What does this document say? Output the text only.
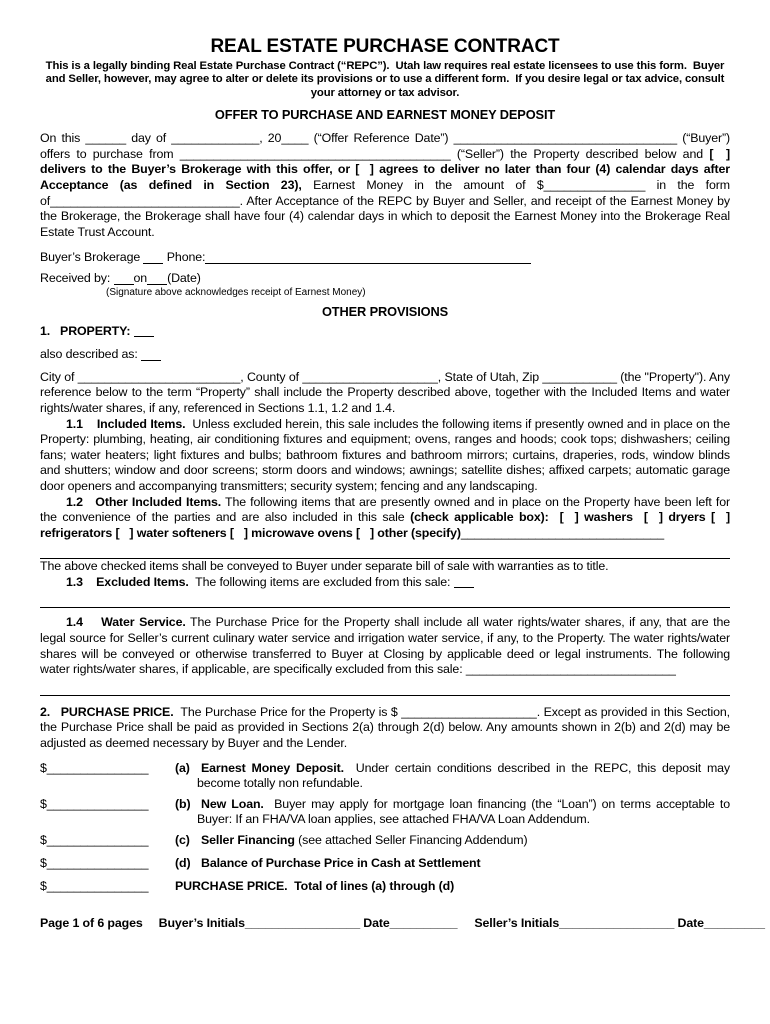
REAL ESTATE PURCHASE CONTRACT
This is a legally binding Real Estate Purchase Contract (“REPC”).  Utah law requires real estate licensees to use this form.  Buyer and Seller, however, may agree to alter or delete its provisions or to use a different form.  If you desire legal or tax advice, consult your attorney or tax advisor.
OFFER TO PURCHASE AND EARNEST MONEY DEPOSIT
On this ______ day of _____________, 20____ (“Offer Reference Date”) _________________________________ (“Buyer”) offers to purchase from ________________________________________ (“Seller”) the Property described below and [  ] delivers to the Buyer’s Brokerage with this offer, or [  ] agrees to deliver no later than four (4) calendar days after Acceptance (as defined in Section 23), Earnest Money in the amount of $_______________ in the form of____________________________. After Acceptance of the REPC by Buyer and Seller, and receipt of the Earnest Money by the Brokerage, the Brokerage shall have four (4) calendar days in which to deposit the Earnest Money into the Brokerage Real Estate Trust Account.
Buyer’s Brokerage Phone:
Received by: on (Date)
(Signature above acknowledges receipt of Earnest Money)
OTHER PROVISIONS
1.   PROPERTY:
also described as:
City of ________________________, County of ____________________, State of Utah, Zip ___________ (the "Property"). Any reference below to the term “Property” shall include the Property described above, together with the Included Items and water rights/water shares, if any, referenced in Sections 1.1, 1.2 and 1.4.
1.1    Included Items.  Unless excluded herein, this sale includes the following items if presently owned and in place on the Property: plumbing, heating, air conditioning fixtures and equipment; ovens, ranges and hoods; cook tops; dishwashers; ceiling fans; water heaters; light fixtures and bulbs; bathroom fixtures and bathroom mirrors; curtains, draperies, rods, window blinds and shutters; window and door screens; storm doors and windows; awnings; satellite dishes; affixed carpets; automatic garage door openers and accompanying transmitters; security system; fencing and any landscaping.
1.2   Other Included Items. The following items that are presently owned and in place on the Property have been left for the convenience of the parties and are also included in this sale (check applicable box): [  ] washers  [  ] dryers [  ] refrigerators [   ] water softeners [   ] microwave ovens [   ] other (specify)______________________________
The above checked items shall be conveyed to Buyer under separate bill of sale with warranties as to title.
1.3    Excluded Items.  The following items are excluded from this sale:
1.4    Water Service. The Purchase Price for the Property shall include all water rights/water shares, if any, that are the legal source for Seller’s current culinary water service and irrigation water service, if any, to the Property. The water rights/water shares will be conveyed or otherwise transferred to Buyer at Closing by applicable deed or legal instruments. The following water rights/water shares, if applicable, are specifically excluded from this sale: _______________________________
2.   PURCHASE PRICE.  The Purchase Price for the Property is $ ____________________. Except as provided in this Section, the Purchase Price shall be paid as provided in Sections 2(a) through 2(d) below. Any amounts shown in 2(b) and 2(d) may be adjusted as deemed necessary by Buyer and the Lender.
$_______________	(a) Earnest Money Deposit.  Under certain conditions described in the REPC, this deposit may become totally non refundable.
$_______________	(b) New Loan.  Buyer may apply for mortgage loan financing (the “Loan”) on terms acceptable to Buyer: If an FHA/VA loan applies, see attached FHA/VA Loan Addendum.
$_______________	(c) Seller Financing (see attached Seller Financing Addendum)
$_______________	(d) Balance of Purchase Price in Cash at Settlement
$_______________	PURCHASE PRICE.  Total of lines (a) through (d)
Page 1 of 6 pages Buyer’s Initials_________________ Date__________ Seller’s Initials_________________ Date_________
